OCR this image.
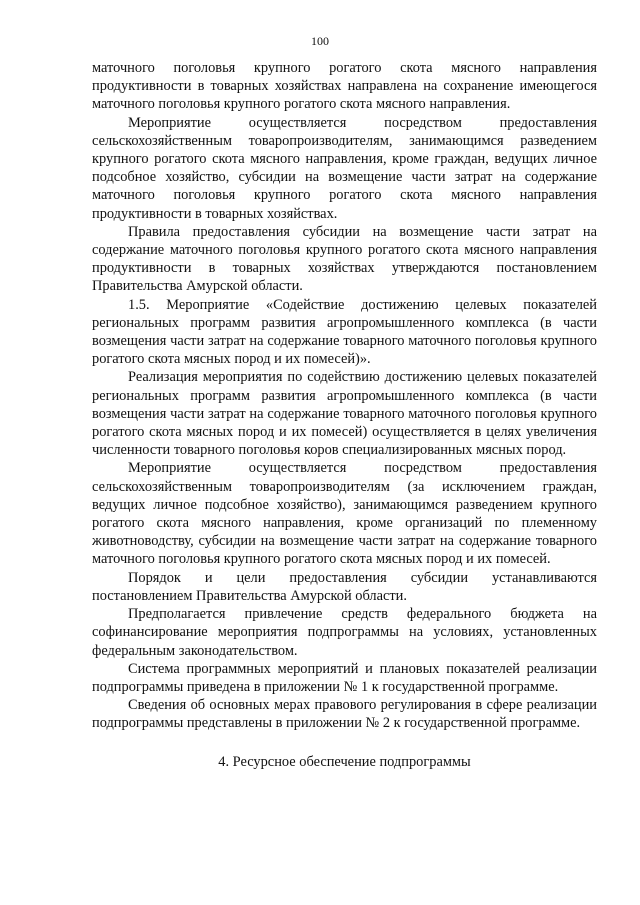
100

маточного поголовья крупного рогатого скота мясного направления продуктивности в товарных хозяйствах направлена на сохранение имеющегося маточного поголовья крупного рогатого скота мясного направления.

Мероприятие осуществляется посредством предоставления сельскохозяйственным товаропроизводителям, занимающимся разведением крупного рогатого скота мясного направления, кроме граждан, ведущих личное подсобное хозяйство, субсидии на возмещение части затрат на содержание маточного поголовья крупного рогатого скота мясного направления продуктивности в товарных хозяйствах.

Правила предоставления субсидии на возмещение части затрат на содержание маточного поголовья крупного рогатого скота мясного направления продуктивности в товарных хозяйствах утверждаются постановлением Правительства Амурской области.

1.5. Мероприятие «Содействие достижению целевых показателей региональных программ развития агропромышленного комплекса (в части возмещения части затрат на содержание товарного маточного поголовья крупного рогатого скота мясных пород и их помесей)».

Реализация мероприятия по содействию достижению целевых показателей региональных программ развития агропромышленного комплекса (в части возмещения части затрат на содержание товарного маточного поголовья крупного рогатого скота мясных пород и их помесей) осуществляется в целях увеличения численности товарного поголовья коров специализированных мясных пород.

Мероприятие осуществляется посредством предоставления сельскохозяйственным товаропроизводителям (за исключением граждан, ведущих личное подсобное хозяйство), занимающимся разведением крупного рогатого скота мясного направления, кроме организаций по племенному животноводству, субсидии на возмещение части затрат на содержание товарного маточного поголовья крупного рогатого скота мясных пород и их помесей.

Порядок и цели предоставления субсидии устанавливаются постановлением Правительства Амурской области.

Предполагается привлечение средств федерального бюджета на софинансирование мероприятия подпрограммы на условиях, установленных федеральным законодательством.

Система программных мероприятий и плановых показателей реализации подпрограммы приведена в приложении № 1 к государственной программе.

Сведения об основных мерах правового регулирования в сфере реализации подпрограммы представлены в приложении № 2 к государственной программе.

4. Ресурсное обеспечение подпрограммы
